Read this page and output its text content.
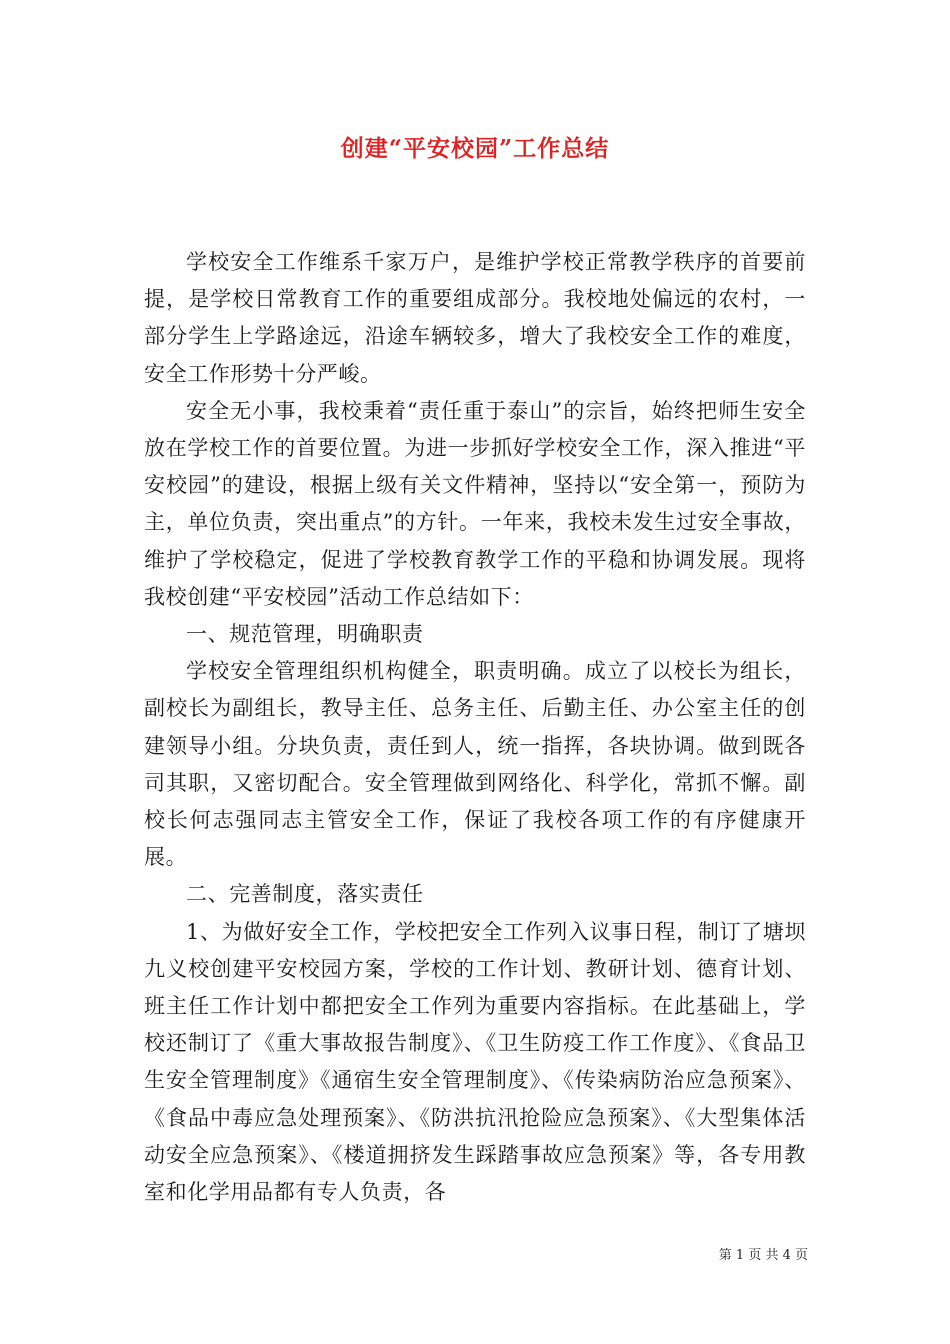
创建“平安校园”工作总结

学校安全工作维系千家万户，是维护学校正常教学秩序的首要前提，是学校日常教育工作的重要组成部分。我校地处偏远的农村，一部分学生上学路途远，沿途车辆较多，增大了我校安全工作的难度，安全工作形势十分严峻。

安全无小事，我校秉着“责任重于泰山”的宗旨，始终把师生安全放在学校工作的首要位置。为进一步抓好学校安全工作，深入推进“平安校园”的建设，根据上级有关文件精神，坚持以“安全第一，预防为主，单位负责，突出重点”的方针。一年来，我校未发生过安全事故，维护了学校稳定，促进了学校教育教学工作的平稳和协调发展。现将我校创建“平安校园”活动工作总结如下：

一、规范管理，明确职责

学校安全管理组织机构健全，职责明确。成立了以校长为组长，副校长为副组长，教导主任、总务主任、后勤主任、办公室主任的创建领导小组。分块负责，责任到人，统一指挥，各块协调。做到既各司其职，又密切配合。安全管理做到网络化、科学化，常抓不懈。副校长何志强同志主管安全工作，保证了我校各项工作的有序健康开展。

二、完善制度，落实责任

1、为做好安全工作，学校把安全工作列入议事日程，制订了塘坝九义校创建平安校园方案，学校的工作计划、教研计划、德育计划、班主任工作计划中都把安全工作列为重要内容指标。在此基础上，学校还制订了《重大事故报告制度》、《卫生防疫工作工作度》、《食品卫生安全管理制度》《通宿生安全管理制度》、《传染病防治应急预案》、《食品中毒应急处理预案》、《防洪抗汛抢险应急预案》、《大型集体活动安全应急预案》、《楼道拥挤发生踩踏事故应急预案》等，各专用教室和化学用品都有专人负责，各

第 1 页 共 4 页
